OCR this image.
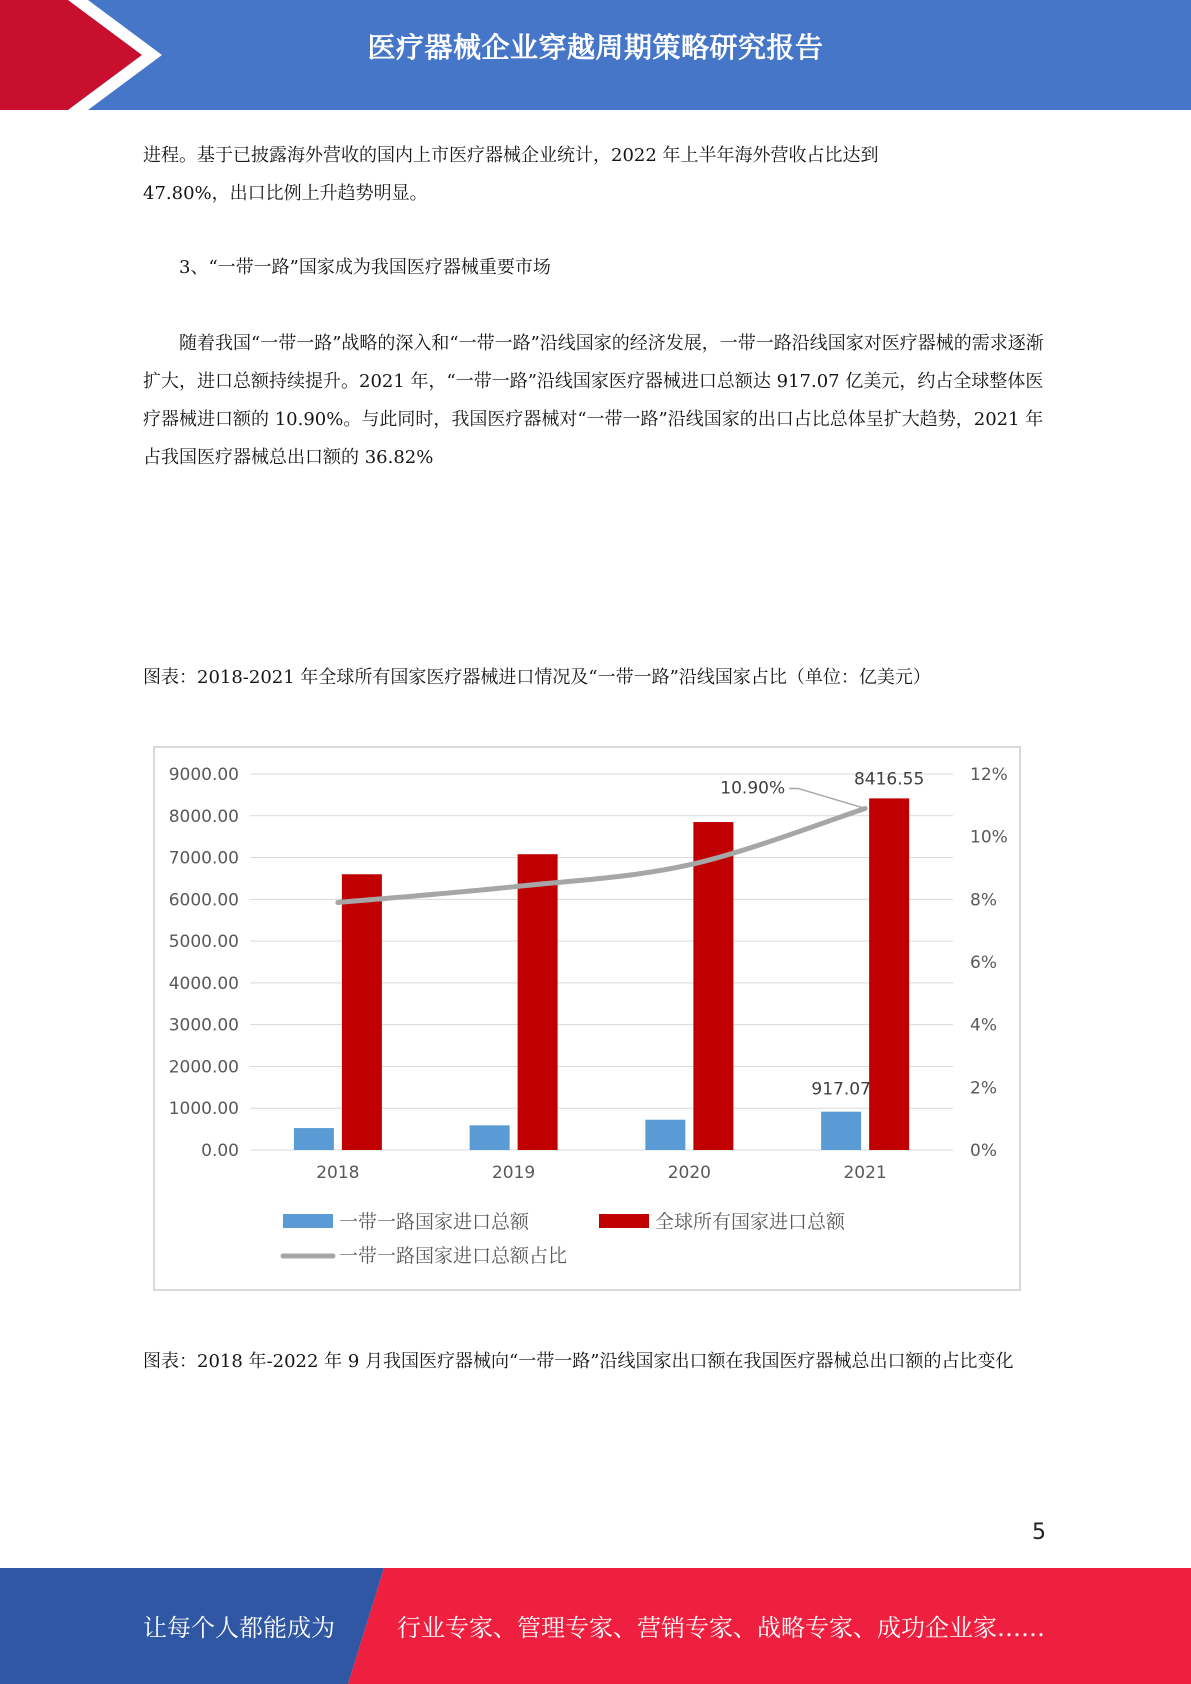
医疗器械企业穿越周期策略研究报告
进程。基于已披露海外营收的国内上市医疗器械企业统计，2022 年上半年海外营收占比达到
47.80%，出口比例上升趋势明显。
3、“一带一路”国家成为我国医疗器械重要市场
随着我国“一带一路”战略的深入和“一带一路”沿线国家的经济发展，一带一路沿线国家对医疗器械的需求逐渐扩大，进口总额持续提升。2021 年，“一带一路”沿线国家医疗器械进口总额达 917.07 亿美元，约占全球整体医疗器械进口额的 10.90%。与此同时，我国医疗器械对“一带一路”沿线国家的出口占比总体呈扩大趋势，2021 年占我国医疗器械总出口额的 36.82%
图表：2018-2021 年全球所有国家医疗器械进口情况及“一带一路”沿线国家占比（单位：亿美元）
9000.00
8000.00
7000.00
6000.00
5000.00
4000.00
3000.00
2000.00
1000.00
0.00
12%
10%
8%
6%
4%
2%
0%
2018	2019	2020	2021
8416.55
917.07
10.90%
一带一路国家进口总额	全球所有国家进口总额
一带一路国家进口总额占比
图表：2018 年-2022 年 9 月我国医疗器械向“一带一路”沿线国家出口额在我国医疗器械总出口额的占比变化
5
让每个人都能成为	行业专家、管理专家、营销专家、战略专家、成功企业家……
